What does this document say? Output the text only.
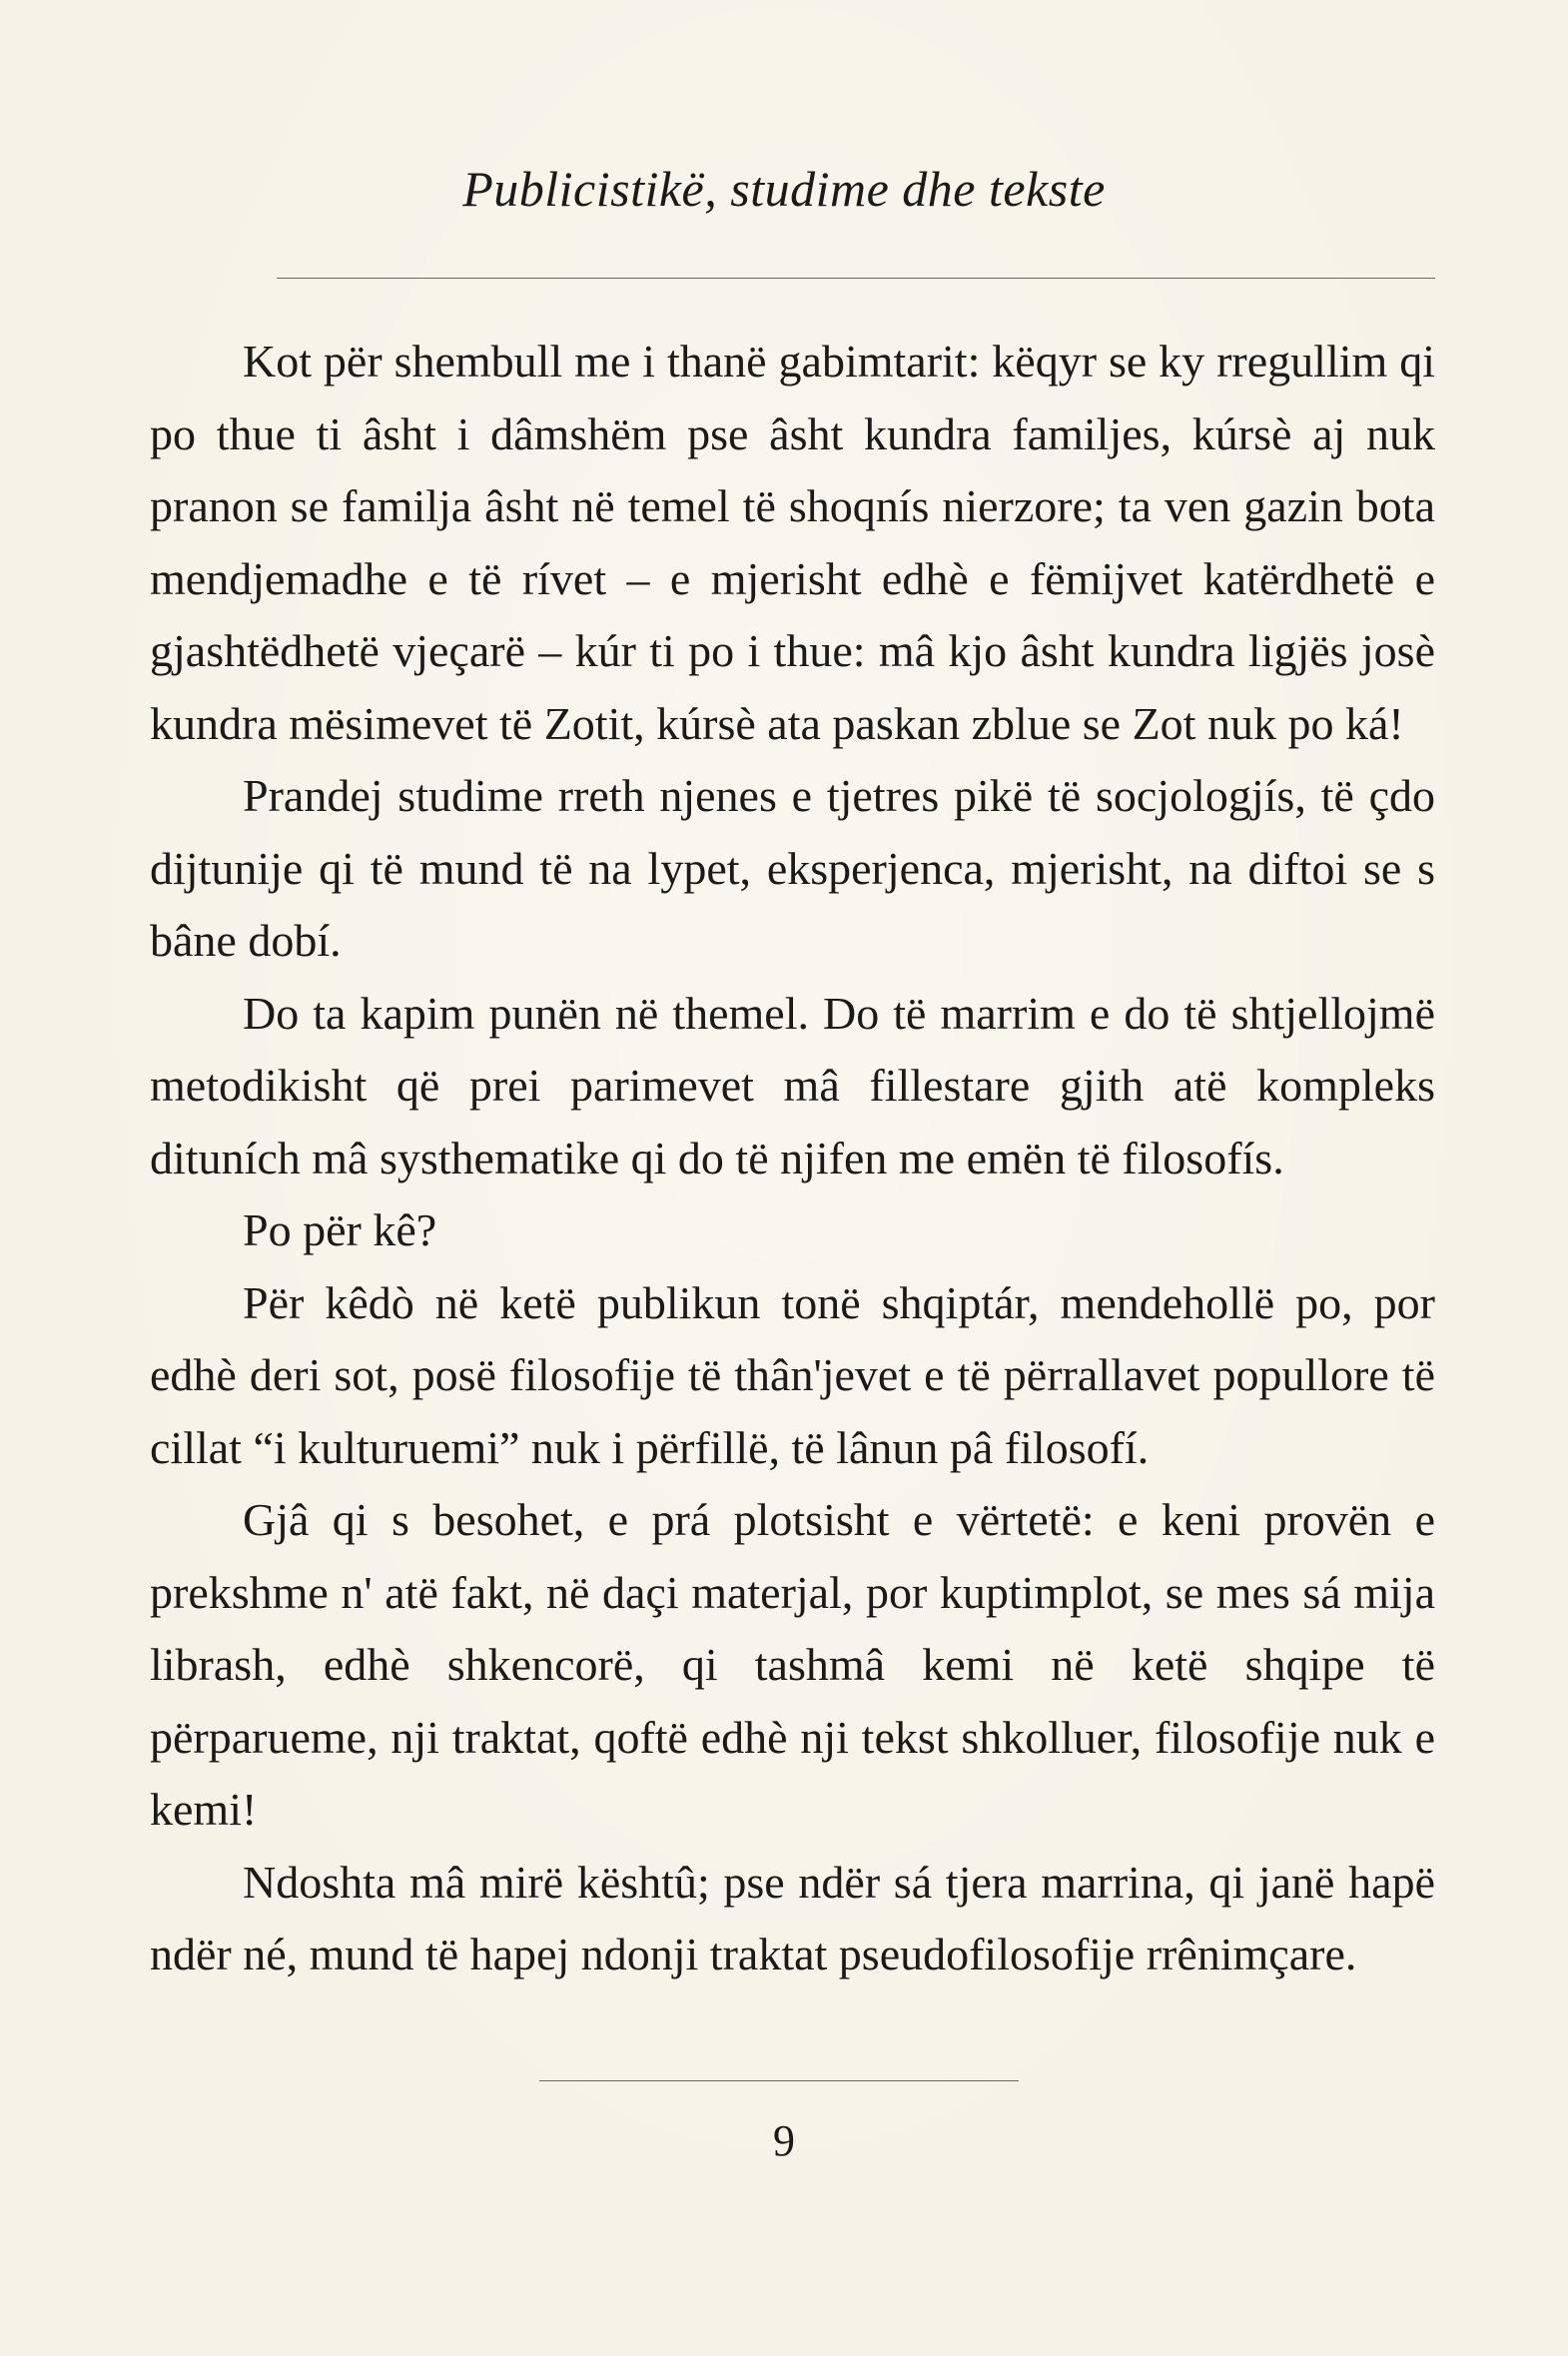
Publicistikë, studime dhe tekste

Kot për shembull me i thanë gabimtarit: këqyr se ky rregullim qi po thue ti âsht i dâmshëm pse âsht kundra familjes, kúrsè aj nuk pranon se familja âsht në temel të shoqnís nierzore; ta ven gazin bota mendjemadhe e të rívet – e mjerisht edhè e fëmijvet katërdhetë e gjashtëdhetë vjeçarë – kúr ti po i thue: mâ kjo âsht kundra ligjës josè kundra mësimevet të Zotit, kúrsè ata paskan zblue se Zot nuk po ká!

Prandej studime rreth njenes e tjetres pikë të socjologjís, të çdo dijtunije qi të mund të na lypet, eksperjenca, mjerisht, na diftoi se s bâne dobí.

Do ta kapim punën në themel. Do të marrim e do të shtjellojmë metodikisht që prei parimevet mâ fillestare gjith atë kompleks dituních mâ systhematike qi do të njifen me emën të filosofís.

Po për kê?

Për kêdò në ketë publikun tonë shqiptár, mendehollë po, por edhè deri sot, posë filosofije të thân'jevet e të përrallavet popullore të cillat “i kulturuemi” nuk i përfillë, të lânun pâ filosofí.

Gjâ qi s besohet, e prá plotsisht e vërtetë: e keni provën e prekshme n' atë fakt, në daçi materjal, por kuptimplot, se mes sá mija librash, edhè shkencorë, qi tashmâ kemi në ketë shqipe të përparueme, nji traktat, qoftë edhè nji tekst shkolluer, filosofije nuk e kemi!

Ndoshta mâ mirë kështû; pse ndër sá tjera marrina, qi janë hapë ndër né, mund të hapej ndonji traktat pseudofilosofije rrênimçare.

9
